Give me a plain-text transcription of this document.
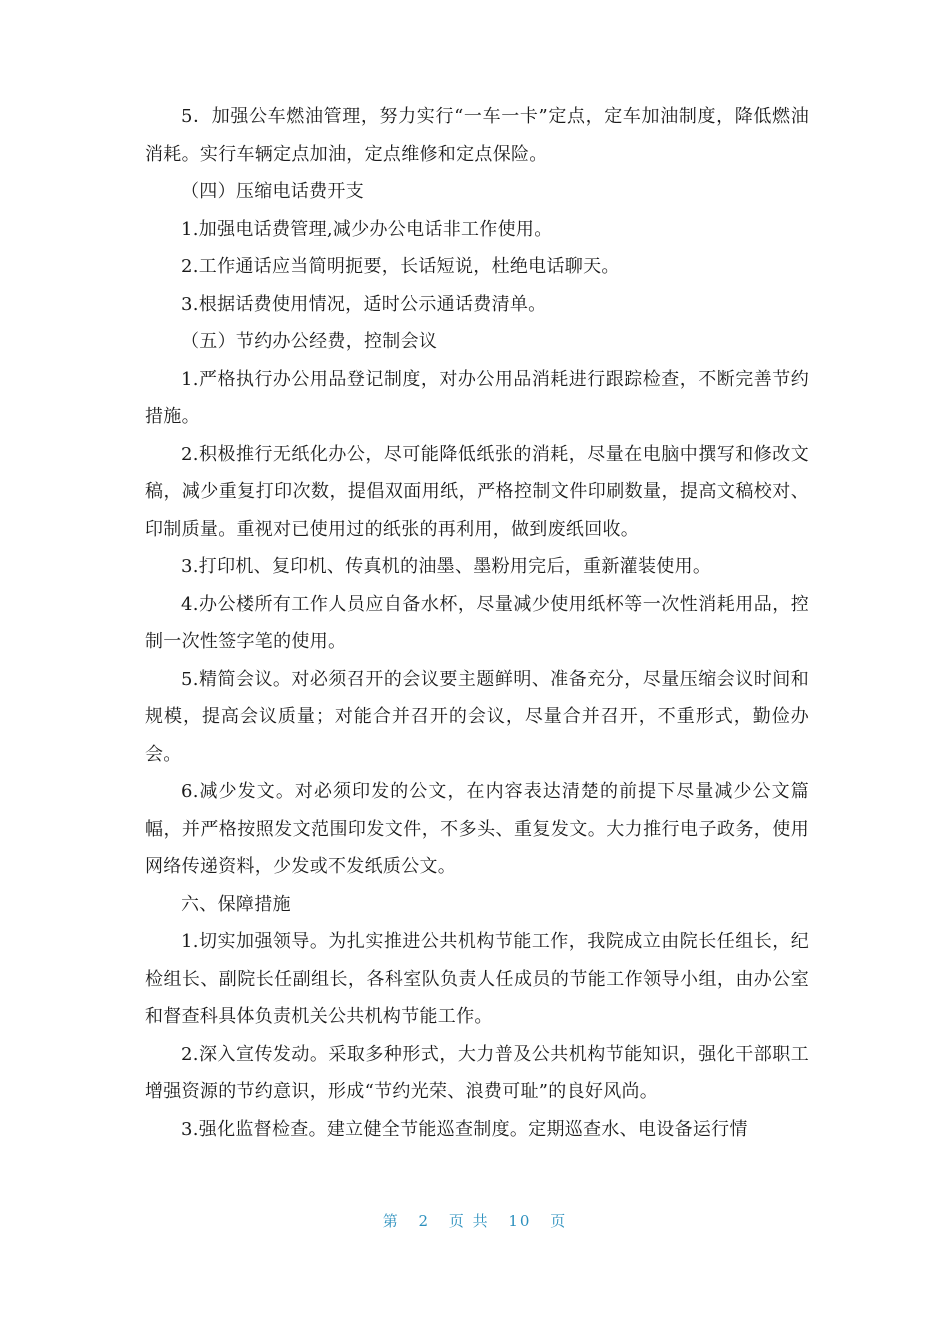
5．加强公车燃油管理，努力实行“一车一卡”定点，定车加油制度，降低燃油消耗。实行车辆定点加油，定点维修和定点保险。

（四）压缩电话费开支

1.加强电话费管理,减少办公电话非工作使用。

2.工作通话应当简明扼要，长话短说，杜绝电话聊天。

3.根据话费使用情况，适时公示通话费清单。

（五）节约办公经费，控制会议

1.严格执行办公用品登记制度，对办公用品消耗进行跟踪检查，不断完善节约措施。

2.积极推行无纸化办公，尽可能降低纸张的消耗，尽量在电脑中撰写和修改文稿，减少重复打印次数，提倡双面用纸，严格控制文件印刷数量，提高文稿校对、印制质量。重视对已使用过的纸张的再利用，做到废纸回收。

3.打印机、复印机、传真机的油墨、墨粉用完后，重新灌装使用。

4.办公楼所有工作人员应自备水杯，尽量减少使用纸杯等一次性消耗用品，控制一次性签字笔的使用。

5.精简会议。对必须召开的会议要主题鲜明、准备充分，尽量压缩会议时间和规模，提高会议质量；对能合并召开的会议，尽量合并召开，不重形式，勤俭办会。

6.减少发文。对必须印发的公文，在内容表达清楚的前提下尽量减少公文篇幅，并严格按照发文范围印发文件，不多头、重复发文。大力推行电子政务，使用网络传递资料，少发或不发纸质公文。

六、保障措施

1.切实加强领导。为扎实推进公共机构节能工作，我院成立由院长任组长，纪检组长、副院长任副组长，各科室队负责人任成员的节能工作领导小组，由办公室和督查科具体负责机关公共机构节能工作。

2.深入宣传发动。采取多种形式，大力普及公共机构节能知识，强化干部职工增强资源的节约意识，形成“节约光荣、浪费可耻”的良好风尚。

3.强化监督检查。建立健全节能巡查制度。定期巡查水、电设备运行情

第 2 页 共 10 页
